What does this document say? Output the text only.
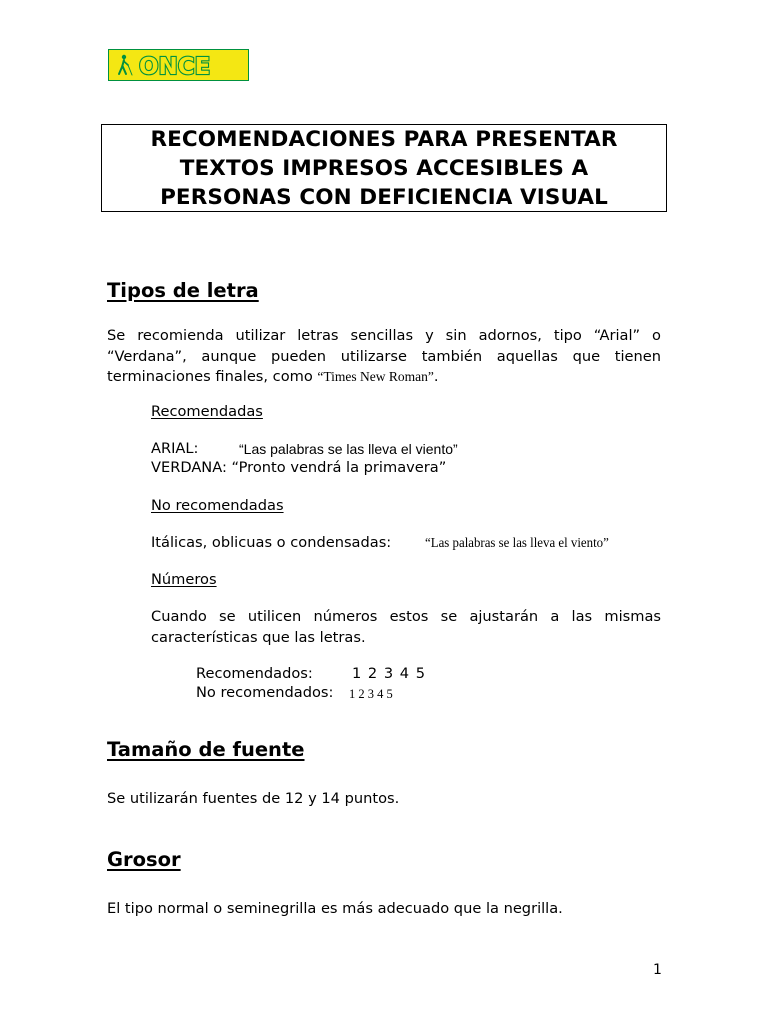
ONCE
RECOMENDACIONES PARA PRESENTAR
TEXTOS IMPRESOS ACCESIBLES A
PERSONAS CON DEFICIENCIA VISUAL
Tipos de letra

Se recomienda utilizar letras sencillas y sin adornos, tipo “Arial” o “Verdana”, aunque pueden utilizarse también aquellas que tienen terminaciones finales, como “Times New Roman”.

Recomendadas

ARIAL:	“Las palabras se las lleva el viento”

VERDANA: “Pronto vendrá la primavera”

No recomendadas

Itálicas, oblicuas o condensadas: “Las palabras se las lleva el viento”

Números

Cuando se utilicen números estos se ajustarán a las mismas características que las letras.

Recomendados:	1 2 3 4 5

No recomendados: 1 2 3 4 5

Tamaño de fuente

Se utilizarán fuentes de 12 y 14 puntos.

Grosor

El tipo normal o seminegrilla es más adecuado que la negrilla.

1
